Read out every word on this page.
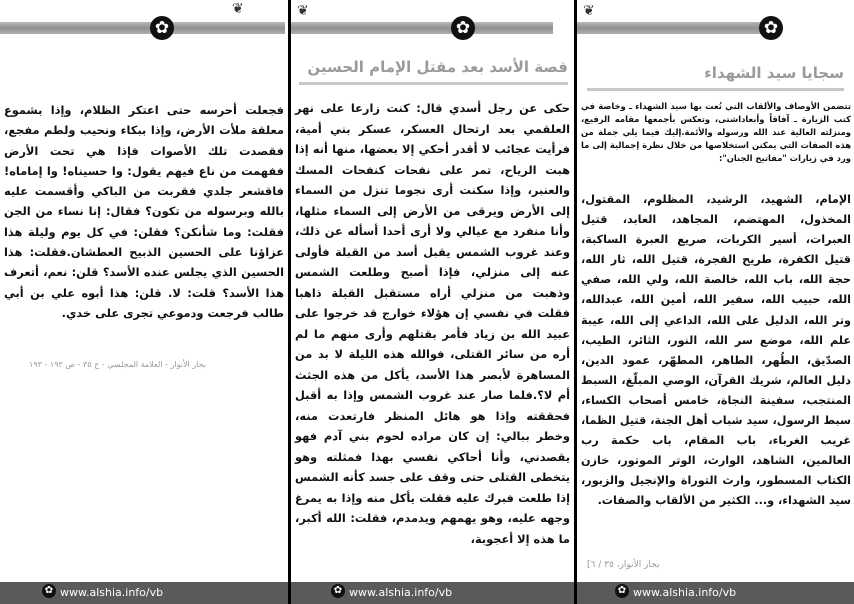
✿
❦
فجعلت أحرسه حتى اعتكر الظلام، وإذا بشموع معلقة ملأت الأرض، وإذا ببكاء ونحيب ولطم مفجع، فقصدت تلك الأصوات فإذا هي تحت الأرض ففهمت من ناع فيهم يقول: وا حسيناه! وا إماماه! فاقشعر جلدي فقربت من الباكي وأقسمت عليه بالله وبرسوله من تكون؟ فقال: إنا نساء من الجن فقلت: وما شأنكن؟ فقلن: في كل يوم وليلة هذا عزاؤنا على الحسين الذبيح العطشان.فقلت: هذا الحسين الذي يجلس عنده الأسد؟ قلن: نعم، أتعرف هذا الأسد؟ قلت: لا. قلن: هذا أبوه علي بن أبي طالب فرجعت ودموعي تجرى على خدي.
بحار الأنوار - العلامة المجلسي - ج ٣٥ - ص ١٩٣ - ١٩٣
✿ www.alshia.info/vb
✿
❦
قصة الأسد بعد مقتل الإمام الحسين
حكى عن رجل أسدي قال: كنت زارعا على نهر العلقمي بعد ارتحال العسكر، عسكر بني أمية، فرأيت عجائب لا أقدر أحكي إلا بعضها، منها أنه إذا هبت الرياح، تمر على نفحات كنفحات المسك والعنبر، وإذا سكنت أرى نجوما تنزل من السماء إلى الأرض ويرقى من الأرض إلى السماء مثلها، وأنا منفرد مع عيالي ولا أرى أحدا أسأله عن ذلك، وعند غروب الشمس يقبل أسد من القبلة فأولى عنه إلى منزلي، فإذا أصبح وطلعت الشمس وذهبت من منزلي أراه مستقبل القبلة ذاهبا فقلت في نفسي إن هؤلاء خوارج قد خرجوا على عبيد الله بن زياد فأمر بقتلهم وأرى منهم ما لم أره من سائر القتلى، فوالله هذه الليلة لا بد من المساهرة لأبصر هذا الأسد، يأكل من هذه الجثث أم لا؟.فلما صار عند غروب الشمس وإذا به أقبل فحققته وإذا هو هائل المنظر فارتعدت منه، وخطر ببالي: إن كان مراده لحوم بني آدم فهو يقصدني، وأنا أحاكي نفسي بهذا فمثلته وهو يتخطى القتلى حتى وقف على جسد كأنه الشمس إذا طلعت فبرك عليه فقلت يأكل منه وإذا به يمرغ وجهه عليه، وهو يهمهم ويدمدم، فقلت: الله أكبر، ما هذه إلا أعجوبة،
✿ www.alshia.info/vb
✿
❦
سجايا سيد الشهداء
تتضمن الأوصاف والألقاب التي نُعت بها سيد الشهداء ـ وخاصة في كتب الزيارة ـ آفاقاً وأبعاداشتى، وتعكس بأجمعها مقامه الرفيع، ومنزلته العالية عند الله ورسوله والأئمة.إليك فيما يلي جملة من هذه الصفات التي يمكنن استخلاصها من خلال نظرة إجمالية إلى ما ورد في زيارات "مفاتيح الجنان":
الإمام، الشهيد، الرشيد، المظلوم، المقتول، المخذول، المهتضم، المجاهد، العابد، قتيل العبرات، أسير الكربات، صريع العبرة الساكبة، قتيل الكفرة، طريح الفجرة، قتيل الله، ثار الله، حجة الله، باب الله، خالصة الله، ولي الله، صفي الله، حبيب الله، سفير الله، أمين الله، عبدالله، وتر الله، الدليل على الله، الداعي إلى الله، عيبة علم الله، موضع سر الله، النور، الثائر، الطيب، الصدّيق، الطُهر، الطاهر، المطهّر، عمود الدين، دليل العالم، شريك القرآن، الوصي المبلّغ، السبط المنتجب، سفينة النجاة، خامس أصحاب الكساء، سبط الرسول، سيد شباب أهل الجنة، قتيل الظما، غريب الغرباء، باب المقام، باب حكمة رب العالمين، الشاهد، الوارث، الوتر الموتور، خازن الكتاب المسطور، وارث التوراة والإنجيل والزبور، سيد الشهداء، و... الكثير من الألقاب والصفات.
بحار الأنوار، ٣٥ / ٦]
✿ www.alshia.info/vb
